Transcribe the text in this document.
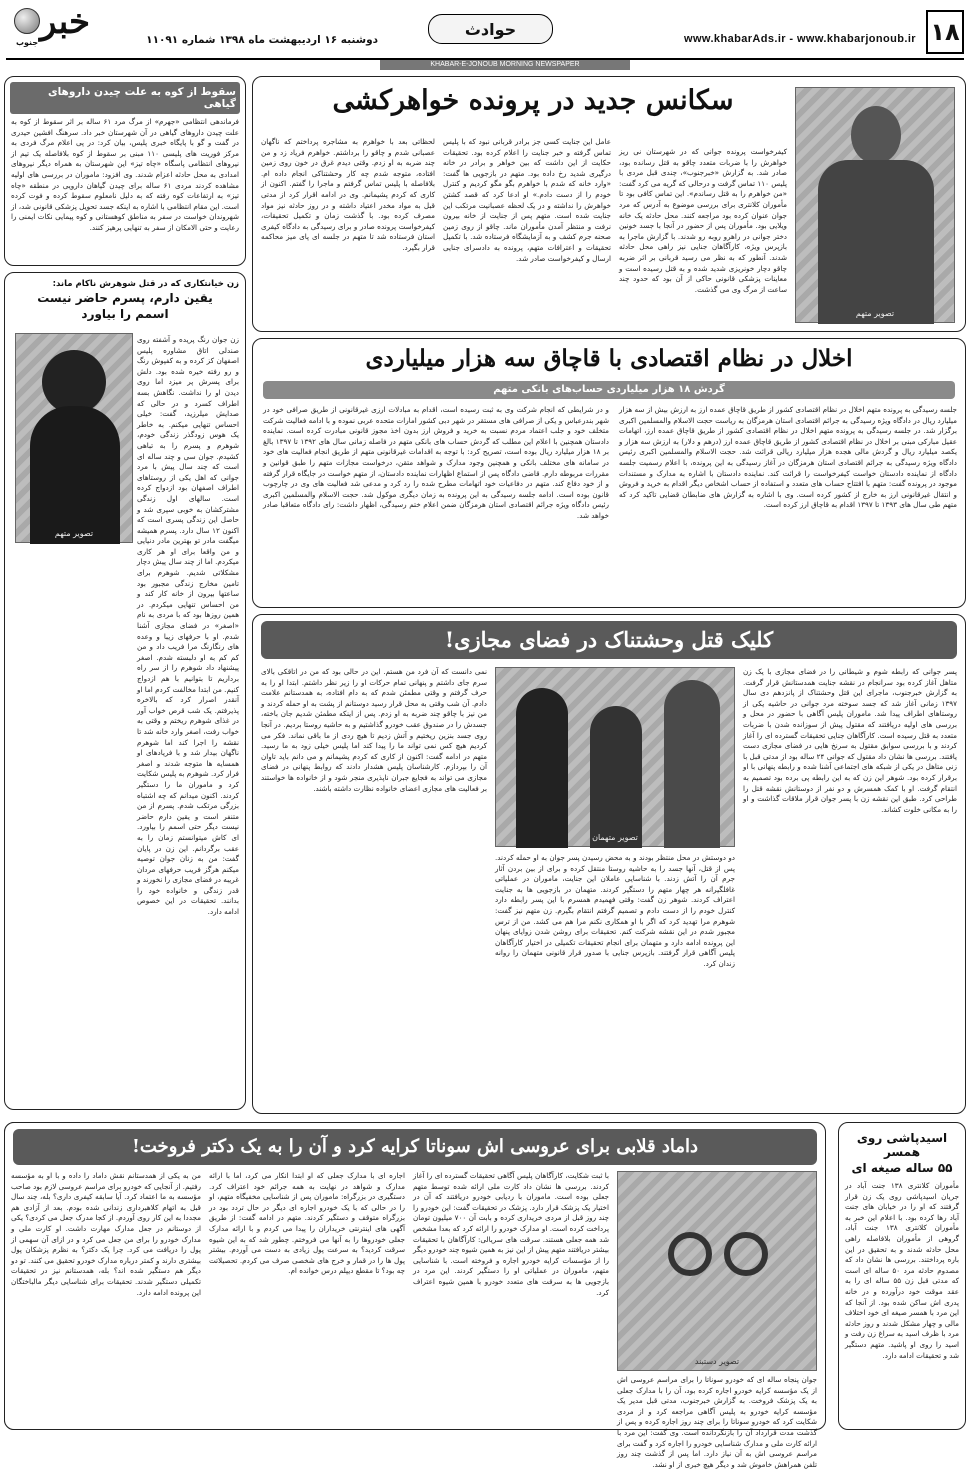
١٨
www.khabarAds.ir - www.khabarjonoub.ir
حوادث
دوشنبه ۱۶ اردیبهشت ماه ۱۳۹۸ شماره ۱۱۰۹۱
خبر
جنوب
KHABAR-E-JONOUB MORNING NEWSPAPER
سقوط از کوه به علت چیدن داروهای گیاهی
فرماندهی انتظامی «جهرم» از مرگ مرد ۶۱ ساله بر اثر سقوط از کوه به علت چیدن داروهای گیاهی در آن شهرستان خبر داد. سرهنگ افشین حیدری در گفت و گو با پایگاه خبری پلیس، بیان کرد: در پی اعلام مرگ فردی به مرکز فوریت های پلیسی ۱۱۰ مبنی بر سقوط از کوه بلافاصله یک تیم از نیروهای انتظامی پاسگاه «چاه تیز» این شهرستان به همراه دیگر نیروهای امدادی به محل حادثه اعزام شدند. وی افزود: ماموران در بررسی های اولیه مشاهده کردند مردی ۶۱ ساله برای چیدن گیاهان دارویی در منطقه «چاه تیز» به ارتفاعات کوه رفته که به دلیل نامعلوم سقوط کرده و فوت کرده است. این مقام انتظامی با اشاره به اینکه جسد تحویل پزشکی قانونی شد، از شهروندان خواست در سفر به مناطق کوهستانی و کوه پیمایی نکات ایمنی را رعایت و حتی الامکان از سفر به تنهایی پرهیز کنند.
زن خیانتکاری که در قتل شوهرش ناکام ماند:
یقین دارم، پسرم حاضر نیست
اسمم را بیاورد
تصویر متهم
زن جوان رنگ پریده و آشفته روی صندلی اتاق مشاوره پلیس اصفهان کز کرده و به کفپوش رنگ و رو رفته خیره شده بود. دلش برای پسرش پر میزد اما روی دیدن او را نداشت. نگاهش بسه اطراف کسرد و در حالی که صدایش میلرزید، گفت: خیلی احساس تنهایی میکنم. به خاطر یک هوس زودگذر زندگی خودم، شوهرم و پسرم را به تباهی کشیدم. جوان سی و چند ساله ای است که چند سال پیش با مرد جوانی که اهل یکی از روستاهای اطراف اصفهان بود ازدواج کرده است. سالهای اول زندگی مشترکشان به خوبی سپری شد و حاصل این زندگی پسری است که اکنون ۱۲ سال دارد. پسرم همیشه میگفت مادر تو بهترین مادر دنیایی و من واقعا برای او هر کاری میکردم. اما از چند سال پیش دچار مشکلاتی شدیم. شوهرم برای تامین مخارج زندگی مجبور بود ساعتها بیرون از خانه کار کند و من احساس تنهایی میکردم. در همین روزها بود که با مردی به نام «اصغر» در فضای مجازی آشنا شدم. او با حرفهای زیبا و وعده های رنگارنگ مرا فریب داد و من کم کم به او دلبسته شدم. اصغر پیشنهاد داد شوهرم را از سر راه برداریم تا بتوانیم با هم ازدواج کنیم. من ابتدا مخالفت کردم اما او آنقدر اصرار کرد که بالاخره پذیرفتم. یک شب قرص خواب آور در غذای شوهرم ریختم و وقتی به خواب رفت، اصغر وارد خانه شد تا نقشه را اجرا کند اما شوهرم ناگهان بیدار شد و با فریادهای او همسایه ها متوجه شدند و اصغر فرار کرد. شوهرم به پلیس شکایت کرد و ماموران ما را دستگیر کردند. اکنون میدانم که چه اشتباه بزرگی مرتکب شدم. پسرم از من متنفر است و یقین دارم حاضر نیست دیگر حتی اسمم را بیاورد. ای کاش میتوانستم زمان را به عقب برگردانم. این زن در پایان گفت: من به زنان جوان توصیه میکنم هرگز فریب حرفهای مردان غریبه در فضای مجازی را نخورند و قدر زندگی و خانواده خود را بدانند. تحقیقات در این خصوص ادامه دارد.
اسیدپاشی روی همسر
۵۵ ساله صیغه ای
مأموران کلانتری ۱۳۸ جنت آباد در جریان اسیدپاشی روی یک زن قرار گرفتند که او را در خیابان های جنت آباد رها کرده بود. با اعلام این خبر به مأموران کلانتری ۱۳۸ جنت آباد، گروهی از مأموران بلافاصله راهی محل حادثه شدند و به تحقیق در این باره پرداختند. بررسی ها نشان داد که مصدوم حادثه مرد ۵۰ ساله ای است که مدتی قبل زن ۵۵ ساله ای را به عقد موقت خود درآورده و در خانه پدری اش ساکن شده بود. از آنجا که این مرد با همسر صیغه ای خود اختلاف مالی و چهار مشکل شدند و روز حادثه مرد با ظرف اسید به سراغ زن رفت و اسید را روی او پاشید. متهم دستگیر شد و تحقیقات ادامه دارد.
سکانس جدید در پرونده خواهرکشی
تصویر متهم
کیفرخواست پرونده جوانی که در شهرستان نی ریز خواهرش را با ضربات متعدد چاقو به قتل رسانده بود، صادر شد. به گزارش «خبرجنوب»، چندی قبل مردی با پلیس ۱۱۰ تماس گرفت و درحالی که گریه می کرد گفت: «من خواهرم را به قتل رساندم». این تماس کافی بود تا مأموران کلانتری برای بررسی موضوع به آدرس که مرد جوان عنوان کرده بود مراجعه کنند. محل حادثه یک خانه ویلایی بود. مأموران پس از حضور در آنجا با جسد خونین دختر جوانی در راهرو روبه رو شدند. با گزارش ماجرا به بازپرس ویژه، کارآگاهان جنایی نیز راهی محل حادثه شدند. آنطور که به نظر می رسید قربانی بر اثر ضربه چاقو دچار خونریزی شدید شده و به قتل رسیده است و معاینات پزشکی قانونی حاکی از آن بود که حدود چند ساعت از مرگ وی می گذشت.
عامل این جنایت کسی جز برادر قربانی نبود که با پلیس تماس گرفته و خبر جنایت را اعلام کرده بود. تحقیقات حکایت از این داشت که بین خواهر و برادر در خانه درگیری شدید رخ داده بود. متهم در بازجویی ها گفت: «وارد خانه که شدم با خواهرم بگو مگو کردیم و کنترل خودم را از دست دادم.» او ادعا کرد که قصد کشتن خواهرش را نداشته و در یک لحظه عصبانیت مرتکب این جنایت شده است. متهم پس از جنایت از خانه بیرون نرفت و منتظر آمدن مأموران ماند. چاقو از روی زمین صحنه جرم کشف و به آزمایشگاه فرستاده شد. با تکمیل تحقیقات و اعترافات متهم، پرونده به دادسرای جنایی ارسال و کیفرخواست صادر شد.
لحظاتی بعد با خواهرم به مشاجره پرداختم که ناگهان عصبانی شدم و چاقو را برداشتم. خواهرم فریاد زد و من چند ضربه به او زدم. وقتی دیدم غرق در خون روی زمین افتاده، متوجه شدم چه کار وحشتناکی انجام داده ام. بلافاصله با پلیس تماس گرفتم و ماجرا را گفتم. اکنون از کاری که کردم پشیمانم. وی در ادامه اقرار کرد از مدتی قبل به مواد مخدر اعتیاد داشته و در روز حادثه نیز مواد مصرف کرده بود. با گذشت زمان و تکمیل تحقیقات، کیفرخواست پرونده صادر و برای رسیدگی به دادگاه کیفری استان فرستاده شد تا متهم در جلسه ای پای میز محاکمه قرار بگیرد.
اخلال در نظام اقتصادی با قاچاق سه هزار میلیاردی
گردش ۱۸ هزار میلیاردی حساب‌های بانکی متهم
جلسه رسیدگی به پرونده متهم اخلال در نظام اقتصادی کشور از طریق قاچاق عمده ارز به ارزش بیش از سه هزار میلیارد ریال در دادگاه ویژه رسیدگی به جرائم اقتصادی استان هرمزگان به ریاست حجت الاسلام والمسلمین اکبری برگزار شد. در جلسه رسیدگی به پرونده متهم اخلال در نظام اقتصادی کشور از طریق قاچاق عمده ارز، اتهامات عقیل مبارکی مبنی بر اخلال در نظام اقتصادی کشور از طریق قاچاق عمده ارز (درهم و دلار) به ارزش سه هزار و یکصد میلیارد ریال و گردش مالی هجده هزار میلیارد ریالی قرائت شد. حجت الاسلام والمسلمین اکبری رئیس دادگاه ویژه رسیدگی به جرائم اقتصادی استان هرمزگان در آغاز رسیدگی به این پرونده، با اعلام رسمیت جلسه دادگاه از نماینده دادستان خواست کیفرخواست را قرائت کند. نماینده دادستان با اشاره به مدارک و مستندات موجود در پرونده گفت: متهم با افتتاح حساب های متعدد و استفاده از حساب اشخاص دیگر اقدام به خرید و فروش و انتقال غیرقانونی ارز به خارج از کشور کرده است. وی با اشاره به گزارش های ضابطان قضایی تاکید کرد که متهم طی سال های ۱۳۹۳ تا ۱۳۹۷ اقدام به قاچاق ارز کرده است.
و در شرایطی که انجام شرکت وی به ثبت رسیده است، اقدام به مبادلات ارزی غیرقانونی از طریق صرافی خود در شهر بندرعباس و یکی از صرافی های مستقر در شهر دبی کشور امارات متحده عربی نموده و با ادامه فعالیت شرکت متخلف خود و جلب اعتماد مردم نسبت به خرید و فروش ارز بدون اخذ مجوز قانونی مبادرت کرده است. نماینده دادستان همچنین با اعلام این مطلب که گردش حساب های بانکی متهم در فاصله زمانی سال های ۱۳۹۲ تا ۱۳۹۷ بالغ بر ۱۸ هزار میلیارد ریال بوده است، تصریح کرد: با توجه به اقدامات غیرقانونی متهم از طریق انجام فعالیت های خود در سامانه های مختلف بانکی و همچنین وجود مدارک و شواهد متقن، درخواست مجازات متهم را طبق قوانین و مقررات مربوطه دارم. قاضی دادگاه پس از استماع اظهارات نماینده دادستان، از متهم خواست در جایگاه قرار گرفته و از خود دفاع کند. متهم در دفاعیات خود اتهامات مطرح شده را رد کرد و مدعی شد فعالیت های وی در چارچوب قانون بوده است. ادامه جلسه رسیدگی به این پرونده به زمان دیگری موکول شد. حجت الاسلام والمسلمین اکبری رئیس دادگاه ویژه جرائم اقتصادی استان هرمزگان ضمن اعلام ختم رسیدگی، اظهار داشت: رای دادگاه متعاقبا صادر خواهد شد.
کلیک قتل وحشتناک در فضای مجازی!
تصویر متهمان
پسر جوانی که رابطه شوم و شیطانی را در فضای مجازی با یک زن متاهل آغاز کرده بود سرانجام در نقشه جنایت همدستانش قرار گرفت. به گزارش خبرجنوب، ماجرای این قتل وحشتناک از پانزدهم دی سال ۱۳۹۷ زمانی آغاز شد که جسد سوخته مرد جوانی در حاشیه یکی از روستاهای اطراف پیدا شد. ماموران پلیس آگاهی با حضور در محل و بررسی های اولیه دریافتند که مقتول پیش از سوزانده شدن با ضربات متعدد به قتل رسیده است. کارآگاهان جنایی تحقیقات گسترده ای را آغاز کردند و با بررسی سوابق مقتول به سرنخ هایی در فضای مجازی دست یافتند. بررسی ها نشان داد مقتول که جوانی ۲۴ ساله بود از مدتی قبل با زنی متاهل در یکی از شبکه های اجتماعی آشنا شده و رابطه پنهانی با او برقرار کرده بود. شوهر این زن که به این رابطه پی برده بود تصمیم به انتقام گرفت. او با کمک همسرش و دو نفر از دوستانش نقشه قتل را طراحی کرد. طبق این نقشه زن با پسر جوان قرار ملاقات گذاشت و او را به مکانی خلوت کشاند.
دو دوستش در محل منتظر بودند و به محض رسیدن پسر جوان به او حمله کردند. پس از قتل، آنها جسد را به حاشیه روستا منتقل کرده و برای از بین بردن آثار جرم آن را آتش زدند. با شناسایی عاملان این جنایت، ماموران در عملیاتی غافلگیرانه هر چهار متهم را دستگیر کردند. متهمان در بازجویی ها به جنایت اعتراف کردند. شوهر زن گفت: وقتی فهمیدم همسرم با این پسر رابطه دارد کنترل خودم را از دست دادم و تصمیم گرفتم انتقام بگیرم. زن متهم نیز گفت: شوهرم مرا تهدید کرد که اگر با او همکاری نکنم مرا هم می کشد. من از ترس مجبور شدم در این نقشه شرکت کنم. تحقیقات برای روشن شدن زوایای پنهان این پرونده ادامه دارد و متهمان برای انجام تحقیقات تکمیلی در اختیار کارآگاهان پلیس آگاهی قرار گرفتند. بازپرس جنایی با صدور قرار قانونی متهمان را روانه زندان کرد.
نمی دانست که آن فرد من هستم. این در حالی بود که من در اتاقکی بالای سرم جای داشتم و پنهانی تمام حرکات او را زیر نظر داشتم. ابتدا او را به حرف گرفتم و وقتی مطمئن شدم که به دام افتاده، به همدستانم علامت دادم. آن شب وقتی به محل قرار رسید دوستانم از پشت به او حمله کردند و من نیز با چاقو چند ضربه به او زدم. پس از اینکه مطمئن شدیم جان باخته، جسدش را در صندوق عقب خودرو گذاشتیم و به حاشیه روستا بردیم. در آنجا روی جسد بنزین ریختیم و آتش زدیم تا هیچ ردی از ما باقی نماند. فکر می کردیم هیچ کس نمی تواند ما را پیدا کند اما پلیس خیلی زود به ما رسید. متهم در ادامه گفت: اکنون از کاری که کردم پشیمانم و می دانم باید تاوان آن را بپردازم. کارشناسان پلیس هشدار دادند که روابط پنهانی در فضای مجازی می تواند به فجایع جبران ناپذیری منجر شود و از خانواده ها خواستند بر فعالیت های مجازی اعضای خانواده نظارت داشته باشند.
داماد قلابی برای عروسی اش سوناتا کرایه کرد و آن را به یک دکتر فروخت!
تصویر دستبند
جوان پنجاه ساله ای که خودرو سوناتا را برای مراسم عروسی اش از یک مؤسسه کرایه خودرو اجاره کرده بود، آن را با مدارک جعلی به یک پزشک فروخت. به گزارش خبرجنوب، مدتی قبل مدیر یک مؤسسه کرایه خودرو به پلیس آگاهی مراجعه کرد و از مردی شکایت کرد که خودرو سوناتا را برای چند روز اجاره کرده و پس از گذشت مدت قرارداد آن را بازنگردانده است. وی گفت: این مرد با ارائه کارت ملی و مدارک شناسایی خودرو را اجاره کرد و گفت برای مراسم عروسی اش به آن نیاز دارد. اما پس از گذشت چند روز تلفن همراهش خاموش شد و دیگر هیچ خبری از او نشد.
با ثبت شکایت، کارآگاهان پلیس آگاهی تحقیقات گسترده ای را آغاز کردند. بررسی ها نشان داد کارت ملی ارائه شده توسط متهم جعلی بوده است. ماموران با ردیابی خودرو دریافتند که آن در اختیار یک پزشک قرار دارد. پزشک در تحقیقات گفت: این خودرو را چند روز قبل از مردی خریداری کرده و بابت آن ۷۰۰ میلیون تومان پرداخت کرده است. او مدارک خودرو را ارائه کرد که بعدا مشخص شد همه جعلی هستند. سرقت های سریالی: کارآگاهان با تحقیقات بیشتر دریافتند متهم پیش از این نیز به همین شیوه چند خودرو دیگر را از مؤسسات کرایه خودرو اجاره و فروخته است. با شناسایی متهم، ماموران در عملیاتی او را دستگیر کردند. این مرد در بازجویی ها به سرقت های متعدد خودرو با همین شیوه اعتراف کرد.
اجاره ای با مدارک جعلی که او ابتدا انکار می کرد، اما با ارائه مدارک و شواهد در نهایت به همه جرائم خود اعتراف کرد. دستگیری در بزرگراه: ماموران پس از شناسایی مخفیگاه متهم، او را در حالی که با یک خودرو اجاره ای دیگر در حال تردد بود در بزرگراه متوقف و دستگیر کردند. متهم در ادامه گفت: از طریق آگهی های اینترنتی خریداران را پیدا می کردم و با ارائه مدارک جعلی خودروها را به آنها می فروختم. چطور شد که به این شیوه سرقت کردید؟ به سرعت پول زیادی به دست می آوردم. بیشتر پول ها را در قمار و خرج های شخصی صرف می کردم. تحصیلاتت چه بود؟ تا مقطع دیپلم درس خوانده ام.
من به یکی از همدستانم نقش داماد را داده و با او به مؤسسه رفتیم. از آنجایی که خودرو برای مراسم عروسی لازم بود صاحب مؤسسه به ما اعتماد کرد. آیا سابقه کیفری داری؟ بله، چند سال قبل به اتهام کلاهبرداری زندانی شده بودم. بعد از آزادی هم مجددا به این کار روی آوردم. از کجا مدرک جعل می کردی؟ یکی از دوستانم در جعل مدارک مهارت داشت. او کارت ملی و مدارک خودرو را برای من جعل می کرد و در ازای آن سهمی از پول را دریافت می کرد. چرا یک دکتر؟ به نظرم پزشکان پول بیشتری دارند و کمتر درباره مدارک خودرو تحقیق می کنند. تو دو دیگر هم دستگیر شده اند؟ بله، همدستانم نیز در تحقیقات تکمیلی دستگیر شدند. تحقیقات برای شناسایی دیگر مالباختگان این پرونده ادامه دارد.
